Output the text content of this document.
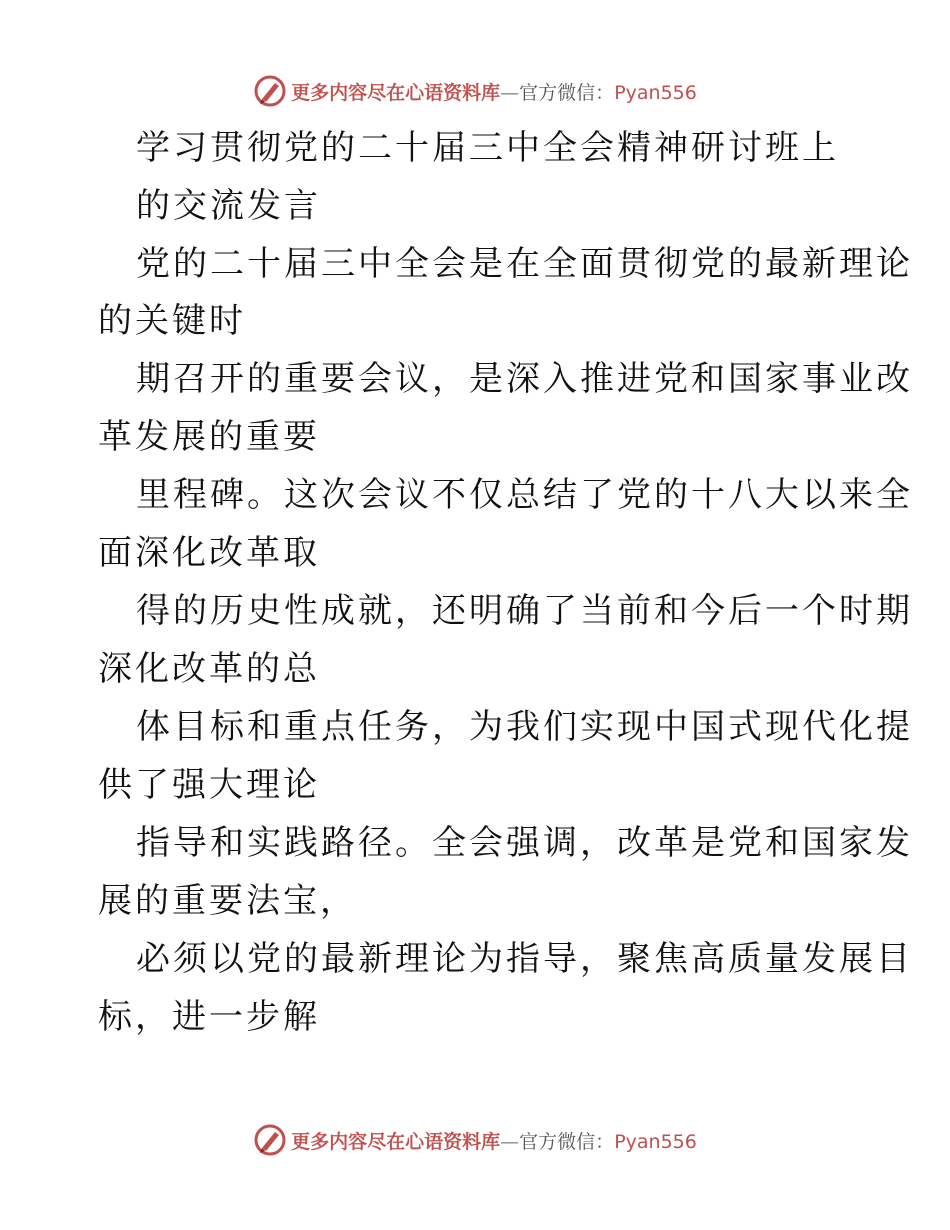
更多内容尽在心语资料库—官方微信：Pyan556
学习贯彻党的二十届三中全会精神研讨班上
的交流发言
党的二十届三中全会是在全面贯彻党的最新理论
的关键时
期召开的重要会议，是深入推进党和国家事业改
革发展的重要
里程碑。这次会议不仅总结了党的十八大以来全
面深化改革取
得的历史性成就，还明确了当前和今后一个时期
深化改革的总
体目标和重点任务，为我们实现中国式现代化提
供了强大理论
指导和实践路径。全会强调，改革是党和国家发
展的重要法宝，
必须以党的最新理论为指导，聚焦高质量发展目
标，进一步解
更多内容尽在心语资料库—官方微信：Pyan556
